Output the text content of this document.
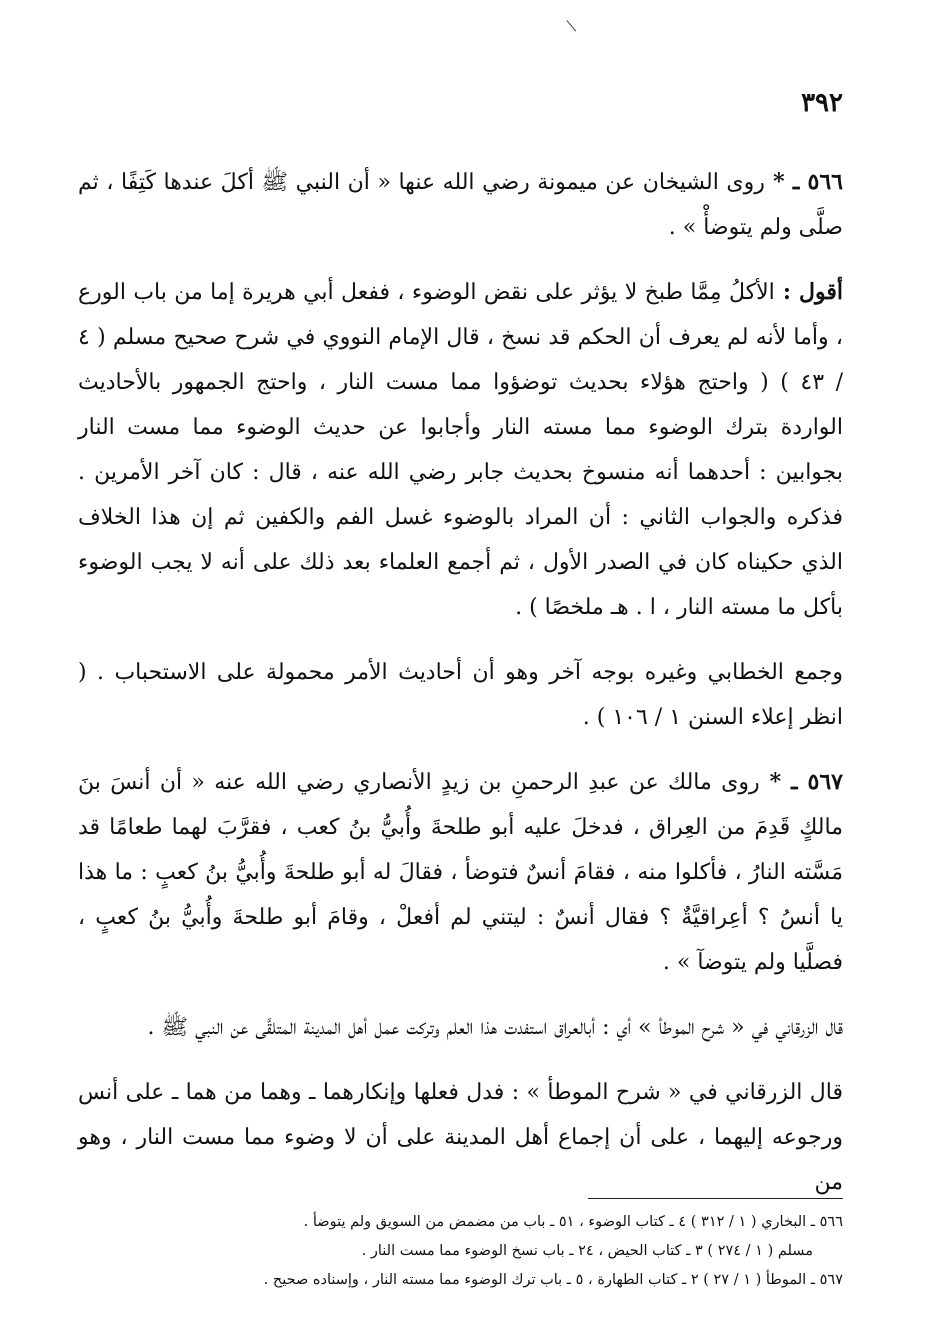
٣٩٢

٥٦٦ ـ * روى الشيخان عن ميمونة رضي الله عنها « أن النبي ﷺ أكلَ عندها كَتِفًا ، ثم صلَّى ولم يتوضأْ » .

أقول : الأكلُ مِمَّا طبخ لا يؤثر على نقض الوضوء ، ففعل أبي هريرة إما من باب الورع ، وأما لأنه لم يعرف أن الحكم قد نسخ ، قال الإمام النووي في شرح صحيح مسلم ( ٤ / ٤٣ ) ( واحتج هؤلاء بحديث توضؤوا مما مست النار ، واحتج الجمهور بالأحاديث الواردة بترك الوضوء مما مسته النار وأجابوا عن حديث الوضوء مما مست النار بجوابين : أحدهما أنه منسوخ بحديث جابر رضي الله عنه ، قال : كان آخر الأمرين . فذكره والجواب الثاني : أن المراد بالوضوء غسل الفم والكفين ثم إن هذا الخلاف الذي حكيناه كان في الصدر الأول ، ثم أجمع العلماء بعد ذلك على أنه لا يجب الوضوء بأكل ما مسته النار ، ا . هـ ملخصًا ) .

وجمع الخطابي وغيره بوجه آخر وهو أن أحاديث الأمر محمولة على الاستحباب . ( انظر إعلاء السنن ١ / ١٠٦ ) .

٥٦٧ ـ * روى مالك عن عبدِ الرحمنِ بن زيدٍ الأنصاري رضي الله عنه « أن أنسَ بنَ مالكٍ قَدِمَ من العِراق ، فدخلَ عليه أبو طلحةَ وأُبيُّ بنُ كعب ، فقرَّبَ لهما طعامًا قد مَسَّته النارُ ، فأكلوا منه ، فقامَ أنسٌ فتوضأ ، فقالَ له أبو طلحةَ وأُبيُّ بنُ كعبٍ : ما هذا يا أنسُ ؟ أعِراقيَّةٌ ؟ فقال أنسٌ : ليتني لم أفعلْ ، وقامَ أبو طلحةَ وأُبيُّ بنُ كعبٍ ، فصلَّيا ولم يتوضآ » .

قال الزرقاني في « شرح الموطأ » أي : أبالعراق استفدت هذا العلم وتركت عمل أهل المدينة المتلقَّى عن النبي ﷺ .

قال الزرقاني في « شرح الموطأ » : فدل فعلها وإنكارهما ـ وهما من هما ـ على أنس ورجوعه إليهما ، على أن إجماع أهل المدينة على أن لا وضوء مما مست النار ، وهو من

٥٦٦ ـ البخاري ( ١ / ٣١٢ ) ٤ ـ كتاب الوضوء ، ٥١ ـ باب من مضمض من السويق ولم يتوضأ .

مسلم ( ١ / ٢٧٤ ) ٣ ـ كتاب الحيض ، ٢٤ ـ باب نسخ الوضوء مما مست النار .

٥٦٧ ـ الموطأ ( ١ / ٢٧ ) ٢ ـ كتاب الطهارة ، ٥ ـ باب ترك الوضوء مما مسته النار ، وإسناده صحيح .
